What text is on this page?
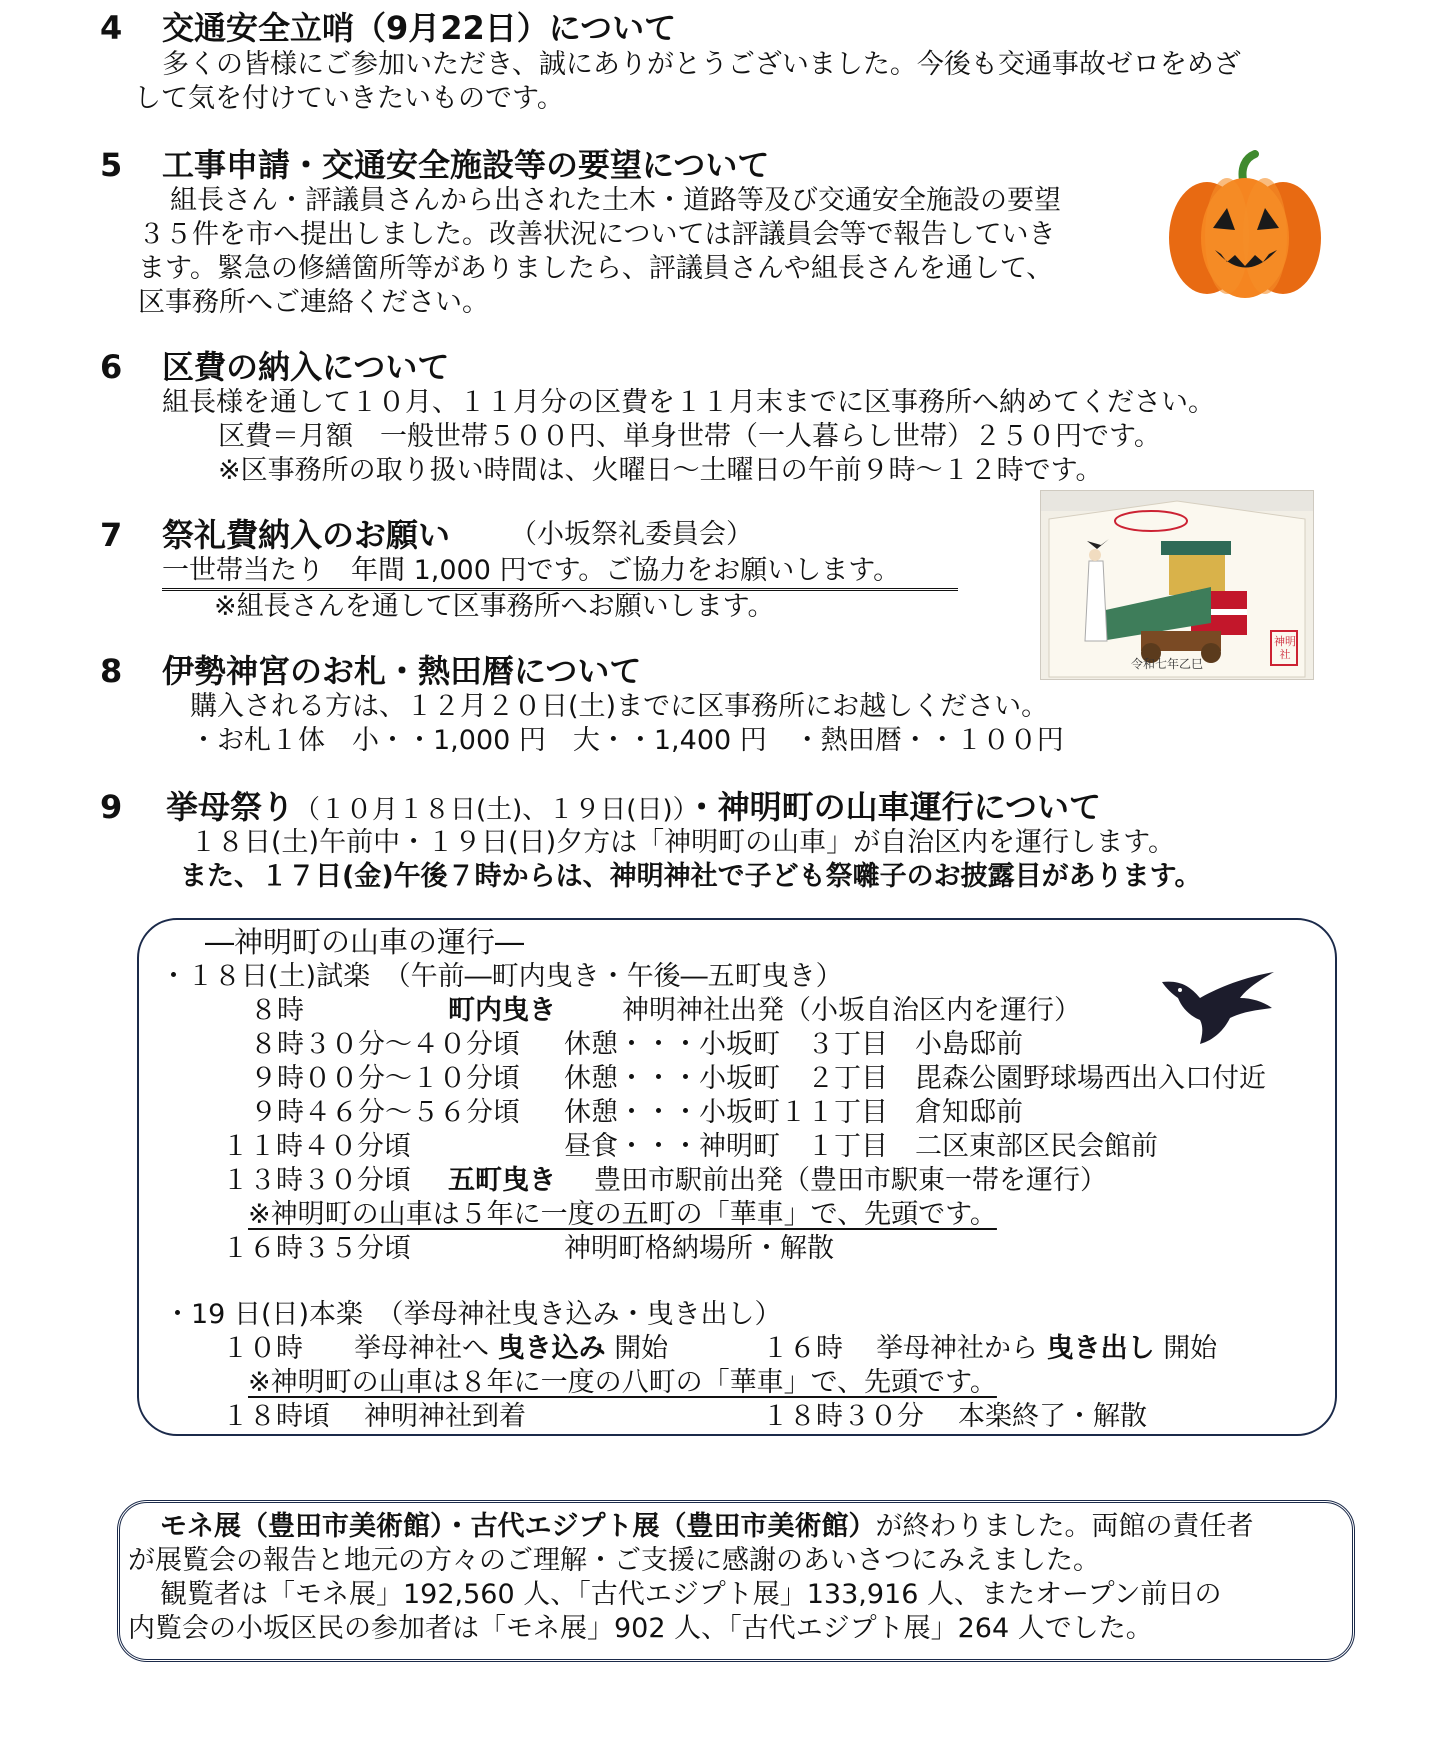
4 交通安全立哨（9月22日）について
多くの皆様にご参加いただき、誠にありがとうございました。今後も交通事故ゼロをめざ
して気を付けていきたいものです。
5 工事申請・交通安全施設等の要望について
組長さん・評議員さんから出された土木・道路等及び交通安全施設の要望
３５件を市へ提出しました。改善状況については評議員会等で報告していき
ます。緊急の修繕箇所等がありましたら、評議員さんや組長さんを通して、
区事務所へご連絡ください。
6 区費の納入について
組長様を通して１０月、１１月分の区費を１１月末までに区事務所へ納めてください。
区費＝月額　一般世帯５００円、単身世帯（一人暮らし世帯）２５０円です。
※区事務所の取り扱い時間は、火曜日～土曜日の午前９時～１２時です。
7 祭礼費納入のお願い （小坂祭礼委員会）
一世帯当たり　年間 1,000 円です。ご協力をお願いします。
※組長さんを通して区事務所へお願いします。
神明社
令和七年乙巳
8 伊勢神宮のお札・熱田暦について
購入される方は、１２月２０日(土)までに区事務所にお越しください。
・お札１体　小・・1,000 円　大・・1,400 円　・熱田暦・・１００円
9 挙母祭り（１０月１８日(土)、１９日(日)）・神明町の山車運行について
１８日(土)午前中・１９日(日)夕方は「神明町の山車」が自治区内を運行します。
また、１７日(金)午後７時からは、神明神社で子ども祭囃子のお披露目があります。
―神明町の山車の運行―
・１８日(土)試楽　（午前―町内曳き・午後―五町曳き）
８時	町内曳き 神明神社出発（小坂自治区内を運行）
８時３０分～４０分頃 休憩・・・小坂町　３丁目　小島邸前
９時００分～１０分頃 休憩・・・小坂町　２丁目　毘森公園野球場西出入口付近
９時４６分～５６分頃 休憩・・・小坂町１１丁目　倉知邸前
１１時４０分頃	昼食・・・神明町　１丁目　二区東部区民会館前
１３時３０分頃 五町曳き 豊田市駅前出発（豊田市駅東一帯を運行）
※神明町の山車は５年に一度の五町の「華車」で、先頭です。
１６時３５分頃	神明町格納場所・解散
・19 日(日)本楽　（挙母神社曳き込み・曳き出し）
１０時 挙母神社へ 曳き込み 開始	１６時 挙母神社から 曳き出し 開始
※神明町の山車は８年に一度の八町の「華車」で、先頭です。
１８時頃 神明神社到着	１８時３０分 本楽終了・解散
モネ展（豊田市美術館）・古代エジプト展（豊田市美術館）が終わりました。両館の責任者
が展覧会の報告と地元の方々のご理解・ご支援に感謝のあいさつにみえました。
観覧者は「モネ展」192,560 人、「古代エジプト展」133,916 人、またオープン前日の
内覧会の小坂区民の参加者は「モネ展」902 人、「古代エジプト展」264 人でした。
